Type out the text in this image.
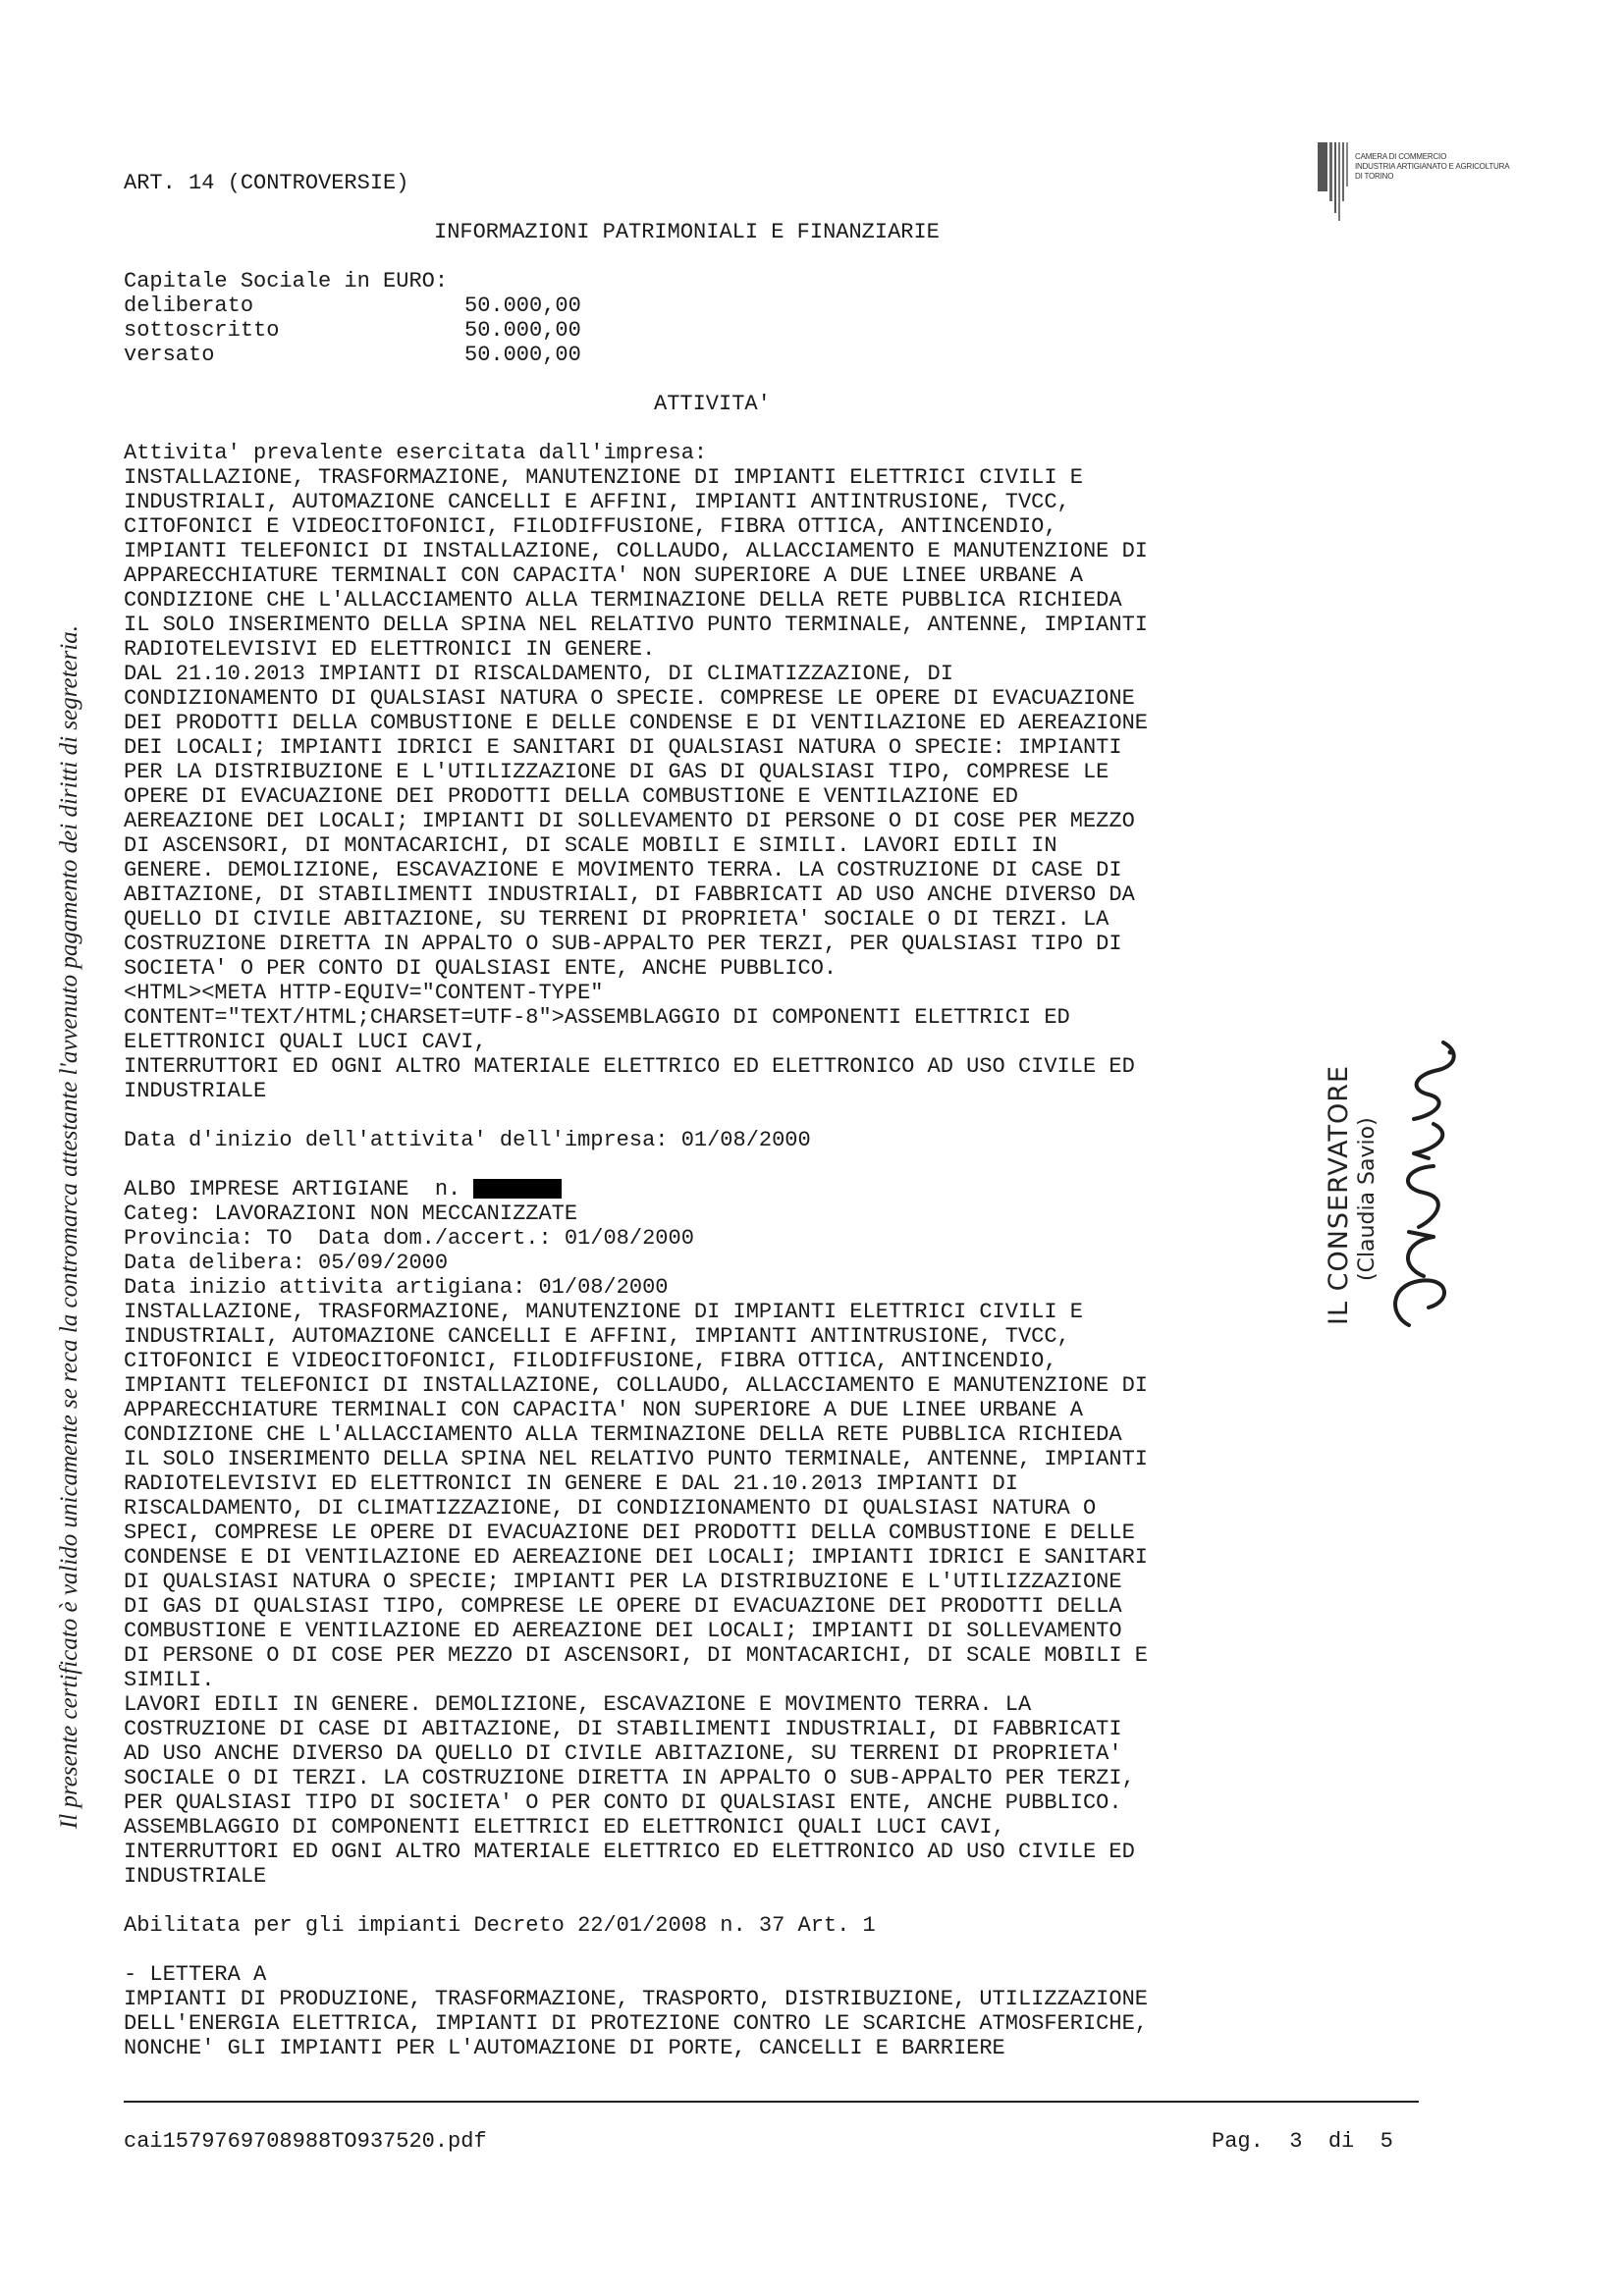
Il presente certificato è valido unicamente se reca la contromarca attestante l'avvenuto pagamento dei diritti di segreteria.
CAMERA DI COMMERCIO
INDUSTRIA ARTIGIANATO E AGRICOLTURA
DI TORINO
ART. 14 (CONTROVERSIE)
INFORMAZIONI PATRIMONIALI E FINANZIARIE
Capitale Sociale in EURO:
deliberato	50.000,00
sottoscritto	50.000,00
versato	50.000,00
ATTIVITA'
Attivita' prevalente esercitata dall'impresa:
INSTALLAZIONE, TRASFORMAZIONE, MANUTENZIONE DI IMPIANTI ELETTRICI CIVILI E
INDUSTRIALI, AUTOMAZIONE CANCELLI E AFFINI, IMPIANTI ANTINTRUSIONE, TVCC,
CITOFONICI E VIDEOCITOFONICI, FILODIFFUSIONE, FIBRA OTTICA, ANTINCENDIO,
IMPIANTI TELEFONICI DI INSTALLAZIONE, COLLAUDO, ALLACCIAMENTO E MANUTENZIONE DI
APPARECCHIATURE TERMINALI CON CAPACITA' NON SUPERIORE A DUE LINEE URBANE A
CONDIZIONE CHE L'ALLACCIAMENTO ALLA TERMINAZIONE DELLA RETE PUBBLICA RICHIEDA
IL SOLO INSERIMENTO DELLA SPINA NEL RELATIVO PUNTO TERMINALE, ANTENNE, IMPIANTI
RADIOTELEVISIVI ED ELETTRONICI IN GENERE.
DAL 21.10.2013 IMPIANTI DI RISCALDAMENTO, DI CLIMATIZZAZIONE, DI
CONDIZIONAMENTO DI QUALSIASI NATURA O SPECIE. COMPRESE LE OPERE DI EVACUAZIONE
DEI PRODOTTI DELLA COMBUSTIONE E DELLE CONDENSE E DI VENTILAZIONE ED AEREAZIONE
DEI LOCALI; IMPIANTI IDRICI E SANITARI DI QUALSIASI NATURA O SPECIE: IMPIANTI
PER LA DISTRIBUZIONE E L'UTILIZZAZIONE DI GAS DI QUALSIASI TIPO, COMPRESE LE
OPERE DI EVACUAZIONE DEI PRODOTTI DELLA COMBUSTIONE E VENTILAZIONE ED
AEREAZIONE DEI LOCALI; IMPIANTI DI SOLLEVAMENTO DI PERSONE O DI COSE PER MEZZO
DI ASCENSORI, DI MONTACARICHI, DI SCALE MOBILI E SIMILI. LAVORI EDILI IN
GENERE. DEMOLIZIONE, ESCAVAZIONE E MOVIMENTO TERRA. LA COSTRUZIONE DI CASE DI
ABITAZIONE, DI STABILIMENTI INDUSTRIALI, DI FABBRICATI AD USO ANCHE DIVERSO DA
QUELLO DI CIVILE ABITAZIONE, SU TERRENI DI PROPRIETA' SOCIALE O DI TERZI. LA
COSTRUZIONE DIRETTA IN APPALTO O SUB-APPALTO PER TERZI, PER QUALSIASI TIPO DI
SOCIETA' O PER CONTO DI QUALSIASI ENTE, ANCHE PUBBLICO.
<HTML><META HTTP-EQUIV="CONTENT-TYPE"
CONTENT="TEXT/HTML;CHARSET=UTF-8">ASSEMBLAGGIO DI COMPONENTI ELETTRICI ED
ELETTRONICI QUALI LUCI CAVI,
INTERRUTTORI ED OGNI ALTRO MATERIALE ELETTRICO ED ELETTRONICO AD USO CIVILE ED
INDUSTRIALE
Data d'inizio dell'attivita' dell'impresa: 01/08/2000
ALBO IMPRESE ARTIGIANE  n.
Categ: LAVORAZIONI NON MECCANIZZATE
Provincia: TO  Data dom./accert.: 01/08/2000
Data delibera: 05/09/2000
Data inizio attivita artigiana: 01/08/2000
INSTALLAZIONE, TRASFORMAZIONE, MANUTENZIONE DI IMPIANTI ELETTRICI CIVILI E
INDUSTRIALI, AUTOMAZIONE CANCELLI E AFFINI, IMPIANTI ANTINTRUSIONE, TVCC,
CITOFONICI E VIDEOCITOFONICI, FILODIFFUSIONE, FIBRA OTTICA, ANTINCENDIO,
IMPIANTI TELEFONICI DI INSTALLAZIONE, COLLAUDO, ALLACCIAMENTO E MANUTENZIONE DI
APPARECCHIATURE TERMINALI CON CAPACITA' NON SUPERIORE A DUE LINEE URBANE A
CONDIZIONE CHE L'ALLACCIAMENTO ALLA TERMINAZIONE DELLA RETE PUBBLICA RICHIEDA
IL SOLO INSERIMENTO DELLA SPINA NEL RELATIVO PUNTO TERMINALE, ANTENNE, IMPIANTI
RADIOTELEVISIVI ED ELETTRONICI IN GENERE E DAL 21.10.2013 IMPIANTI DI
RISCALDAMENTO, DI CLIMATIZZAZIONE, DI CONDIZIONAMENTO DI QUALSIASI NATURA O
SPECI, COMPRESE LE OPERE DI EVACUAZIONE DEI PRODOTTI DELLA COMBUSTIONE E DELLE
CONDENSE E DI VENTILAZIONE ED AEREAZIONE DEI LOCALI; IMPIANTI IDRICI E SANITARI
DI QUALSIASI NATURA O SPECIE; IMPIANTI PER LA DISTRIBUZIONE E L'UTILIZZAZIONE
DI GAS DI QUALSIASI TIPO, COMPRESE LE OPERE DI EVACUAZIONE DEI PRODOTTI DELLA
COMBUSTIONE E VENTILAZIONE ED AEREAZIONE DEI LOCALI; IMPIANTI DI SOLLEVAMENTO
DI PERSONE O DI COSE PER MEZZO DI ASCENSORI, DI MONTACARICHI, DI SCALE MOBILI E
SIMILI.
LAVORI EDILI IN GENERE. DEMOLIZIONE, ESCAVAZIONE E MOVIMENTO TERRA. LA
COSTRUZIONE DI CASE DI ABITAZIONE, DI STABILIMENTI INDUSTRIALI, DI FABBRICATI
AD USO ANCHE DIVERSO DA QUELLO DI CIVILE ABITAZIONE, SU TERRENI DI PROPRIETA'
SOCIALE O DI TERZI. LA COSTRUZIONE DIRETTA IN APPALTO O SUB-APPALTO PER TERZI,
PER QUALSIASI TIPO DI SOCIETA' O PER CONTO DI QUALSIASI ENTE, ANCHE PUBBLICO.
ASSEMBLAGGIO DI COMPONENTI ELETTRICI ED ELETTRONICI QUALI LUCI CAVI,
INTERRUTTORI ED OGNI ALTRO MATERIALE ELETTRICO ED ELETTRONICO AD USO CIVILE ED
INDUSTRIALE
Abilitata per gli impianti Decreto 22/01/2008 n. 37 Art. 1
- LETTERA A
IMPIANTI DI PRODUZIONE, TRASFORMAZIONE, TRASPORTO, DISTRIBUZIONE, UTILIZZAZIONE
DELL'ENERGIA ELETTRICA, IMPIANTI DI PROTEZIONE CONTRO LE SCARICHE ATMOSFERICHE,
NONCHE' GLI IMPIANTI PER L'AUTOMAZIONE DI PORTE, CANCELLI E BARRIERE
IL CONSERVATORE (Claudia Savio)
cai1579769708988TO937520.pdf	Pag. 3 di 5
